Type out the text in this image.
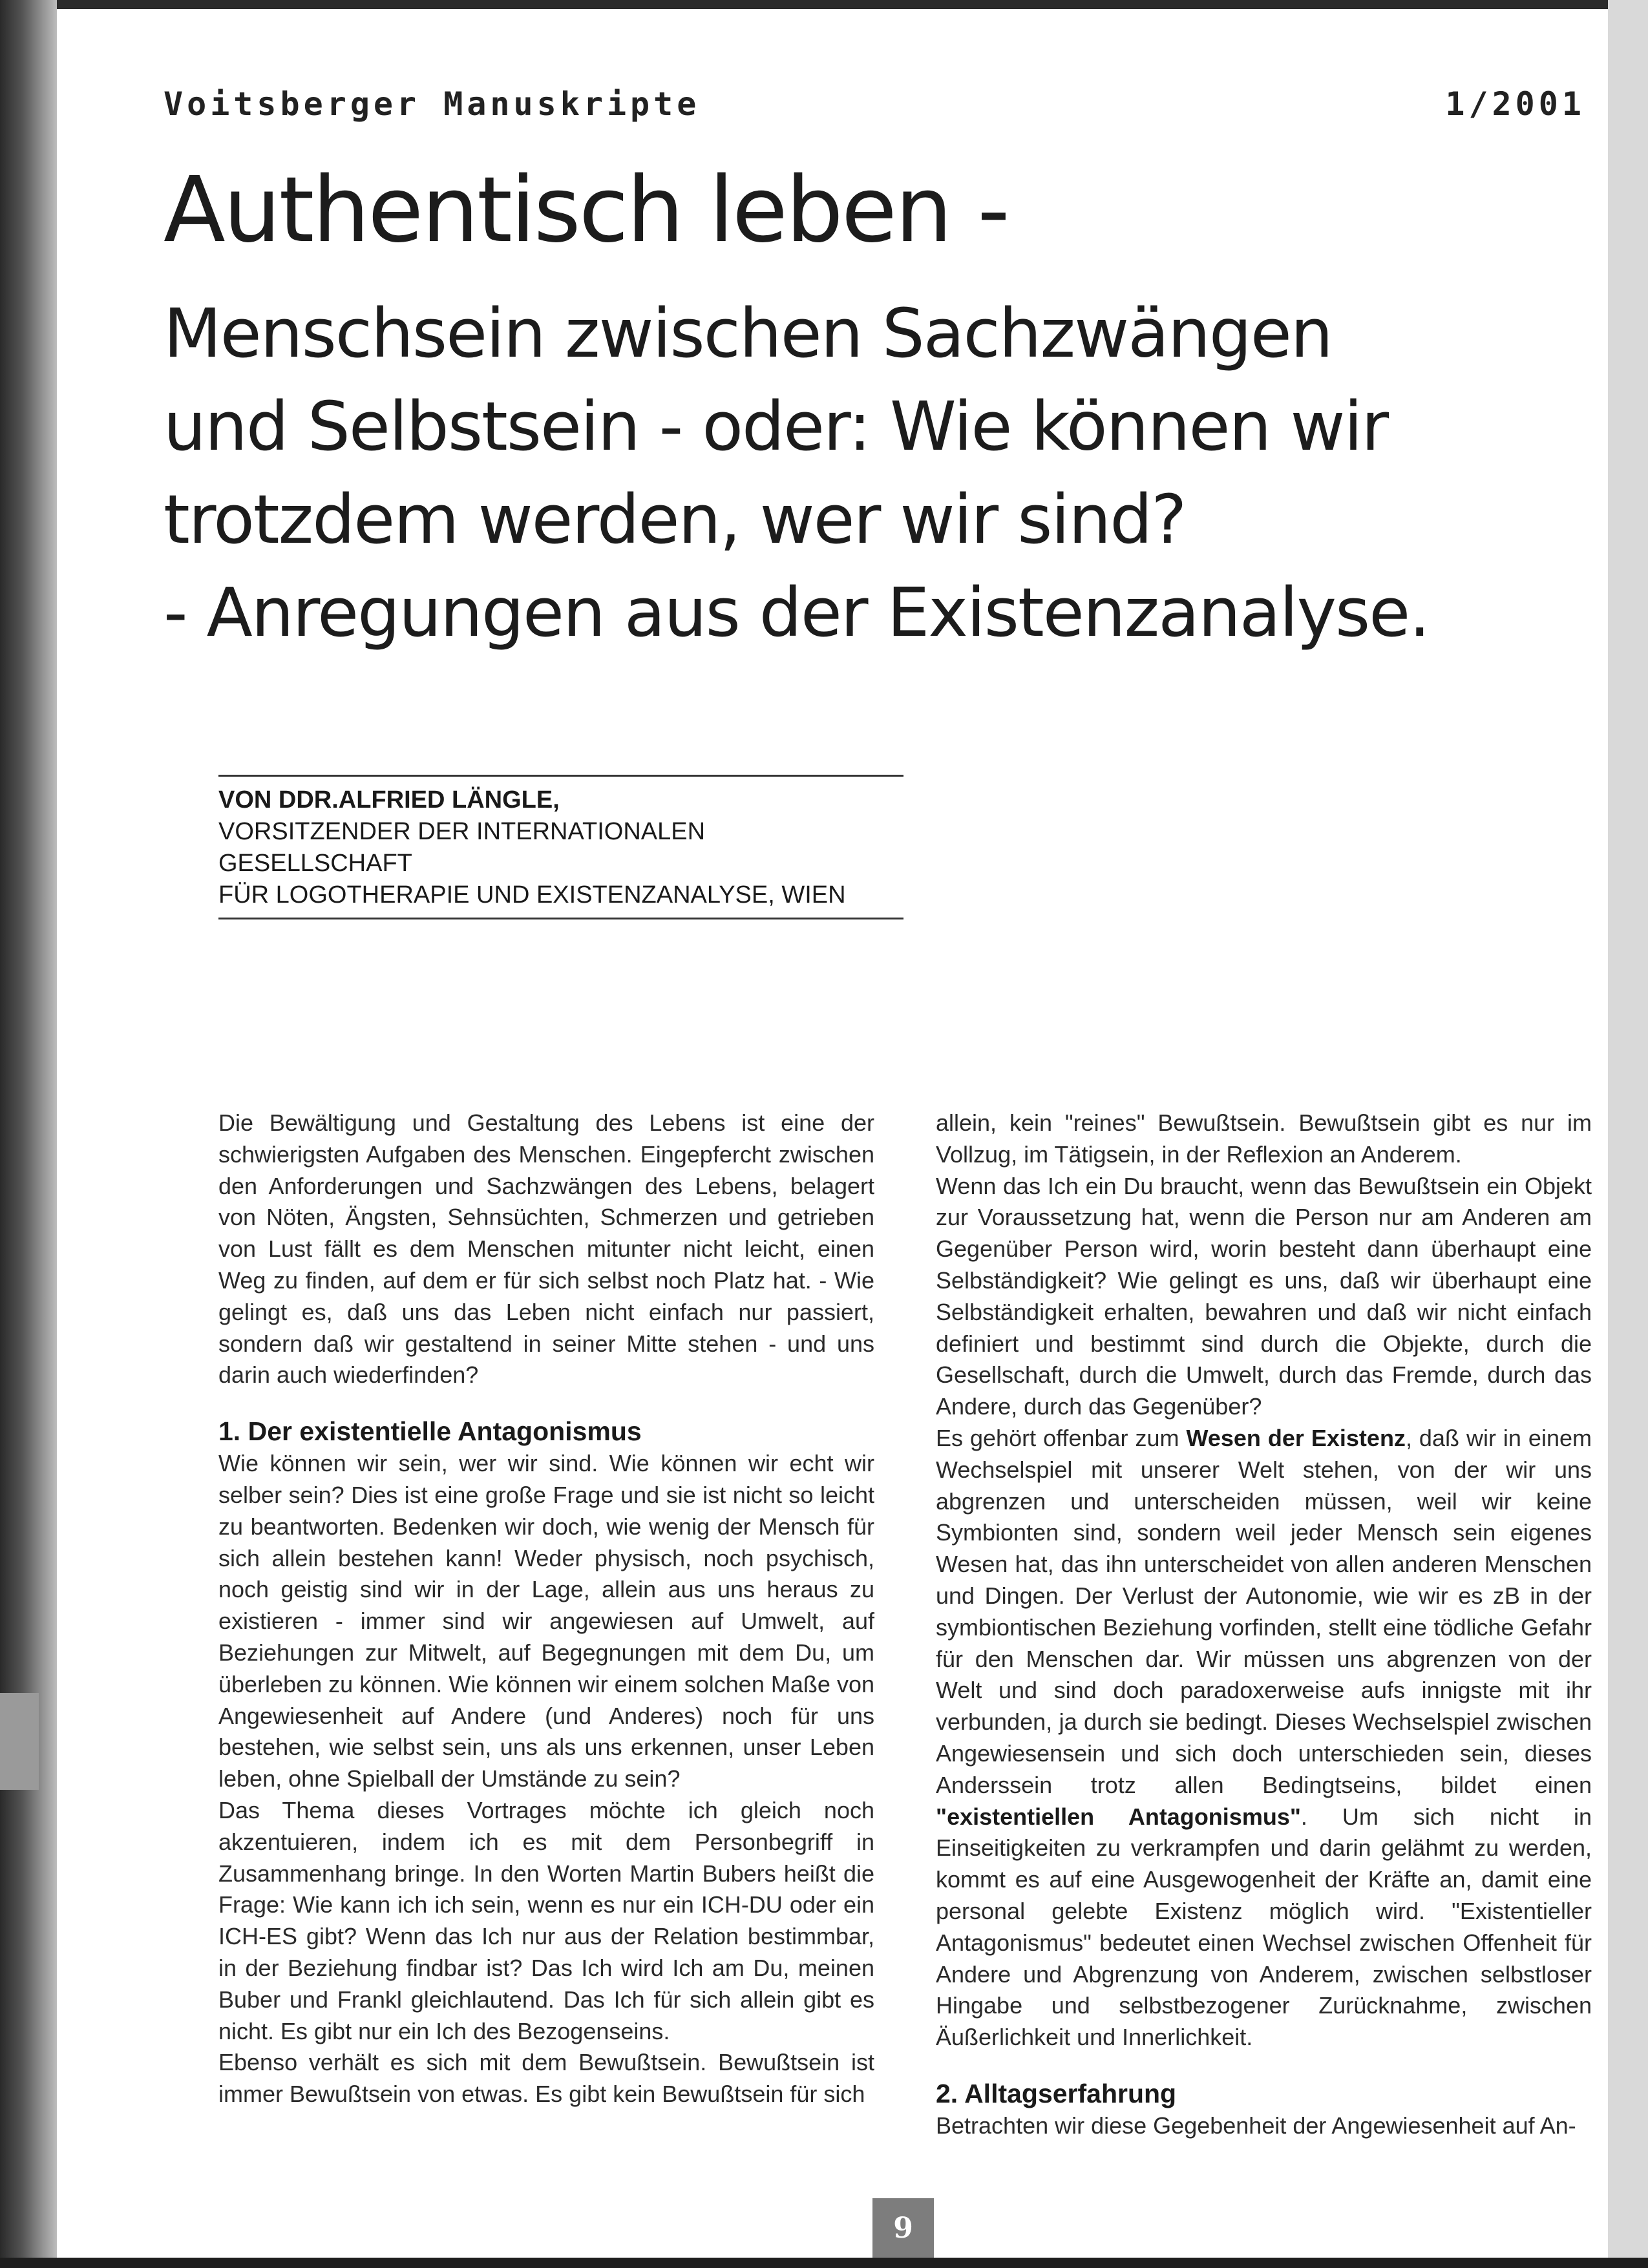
Voitsberger Manuskripte	1/2001
Authentisch leben -
Menschsein zwischen Sachzwängen
und Selbstsein - oder: Wie können wir
trotzdem werden, wer wir sind?
- Anregungen aus der Existenzanalyse.
VON DDR.ALFRIED LÄNGLE,
VORSITZENDER DER INTERNATIONALEN GESELLSCHAFT
FÜR LOGOTHERAPIE UND EXISTENZANALYSE, WIEN

Die Bewältigung und Gestaltung des Lebens ist eine der schwierigsten Aufgaben des Menschen. Eingepfercht zwischen den Anforderungen und Sachzwängen des Lebens, belagert von Nöten, Ängsten, Sehnsüchten, Schmerzen und getrieben von Lust fällt es dem Menschen mitunter nicht leicht, einen Weg zu finden, auf dem er für sich selbst noch Platz hat. - Wie gelingt es, daß uns das Leben nicht einfach nur passiert, sondern daß wir gestaltend in seiner Mitte stehen - und uns darin auch wiederfinden?

1. Der existentielle Antagonismus

Wie können wir sein, wer wir sind. Wie können wir echt wir selber sein? Dies ist eine große Frage und sie ist nicht so leicht zu beantworten. Bedenken wir doch, wie wenig der Mensch für sich allein bestehen kann! Weder physisch, noch psychisch, noch geistig sind wir in der Lage, allein aus uns heraus zu existieren - immer sind wir angewiesen auf Umwelt, auf Beziehungen zur Mitwelt, auf Begegnungen mit dem Du, um überleben zu können. Wie können wir einem solchen Maße von Angewiesenheit auf Andere (und Anderes) noch für uns bestehen, wie selbst sein, uns als uns erkennen, unser Leben leben, ohne Spielball der Umstände zu sein?

Das Thema dieses Vortrages möchte ich gleich noch akzentuieren, indem ich es mit dem Personbegriff in Zusammenhang bringe. In den Worten Martin Bubers heißt die Frage: Wie kann ich ich sein, wenn es nur ein ICH-DU oder ein ICH-ES gibt? Wenn das Ich nur aus der Relation bestimmbar, in der Beziehung findbar ist? Das Ich wird Ich am Du, meinen Buber und Frankl gleichlautend. Das Ich für sich allein gibt es nicht. Es gibt nur ein Ich des Bezogenseins.

Ebenso verhält es sich mit dem Bewußtsein. Bewußtsein ist immer Bewußtsein von etwas. Es gibt kein Bewußtsein für sich

allein, kein "reines" Bewußtsein. Bewußtsein gibt es nur im Vollzug, im Tätigsein, in der Reflexion an Anderem.

Wenn das Ich ein Du braucht, wenn das Bewußtsein ein Objekt zur Voraussetzung hat, wenn die Person nur am Anderen am Gegenüber Person wird, worin besteht dann überhaupt eine Selbständigkeit? Wie gelingt es uns, daß wir überhaupt eine Selbständigkeit erhalten, bewahren und daß wir nicht einfach definiert und bestimmt sind durch die Objekte, durch die Gesellschaft, durch die Umwelt, durch das Fremde, durch das Andere, durch das Gegenüber?

Es gehört offenbar zum Wesen der Existenz, daß wir in einem Wechselspiel mit unserer Welt stehen, von der wir uns abgrenzen und unterscheiden müssen, weil wir keine Symbionten sind, sondern weil jeder Mensch sein eigenes Wesen hat, das ihn unterscheidet von allen anderen Menschen und Dingen. Der Verlust der Autonomie, wie wir es zB in der symbiontischen Beziehung vorfinden, stellt eine tödliche Gefahr für den Menschen dar. Wir müssen uns abgrenzen von der Welt und sind doch paradoxerweise aufs innigste mit ihr verbunden, ja durch sie bedingt. Dieses Wechselspiel zwischen Angewiesensein und sich doch unterschieden sein, dieses Anderssein trotz allen Bedingtseins, bildet einen "existentiellen Antagonismus". Um sich nicht in Einseitigkeiten zu verkrampfen und darin gelähmt zu werden, kommt es auf eine Ausgewogenheit der Kräfte an, damit eine personal gelebte Existenz möglich wird. "Existentieller Antagonismus" bedeutet einen Wechsel zwischen Offenheit für Andere und Abgrenzung von Anderem, zwischen selbstloser Hingabe und selbstbezogener Zurücknahme, zwischen Äußerlichkeit und Innerlichkeit.

2. Alltagserfahrung

Betrachten wir diese Gegebenheit der Angewiesenheit auf An-

9
